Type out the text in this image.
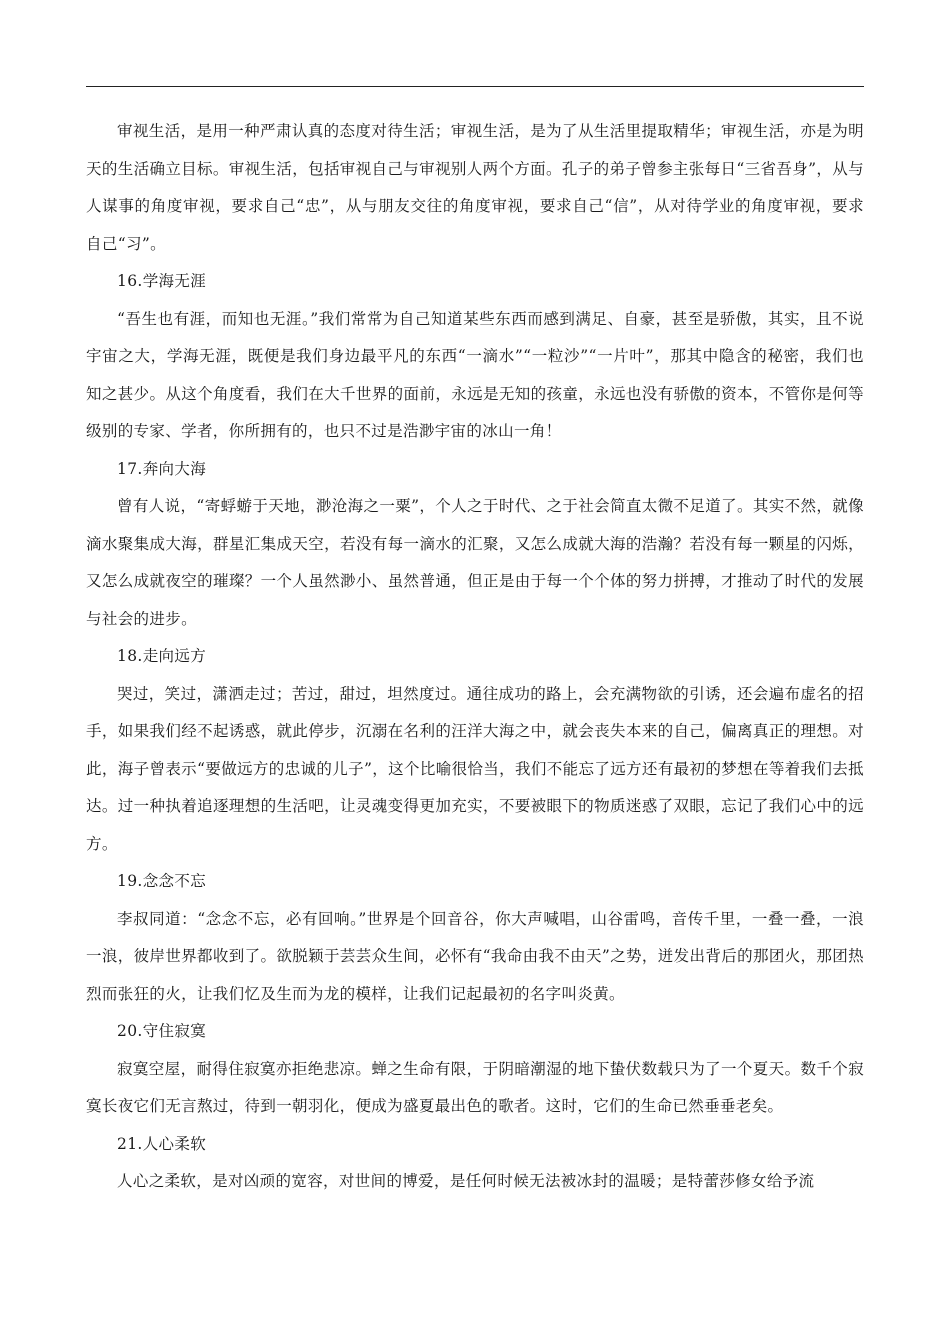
审视生活，是用一种严肃认真的态度对待生活；审视生活，是为了从生活里提取精华；审视生活，亦是为明天的生活确立目标。审视生活，包括审视自己与审视别人两个方面。孔子的弟子曾参主张每日“三省吾身”，从与人谋事的角度审视，要求自己“忠”，从与朋友交往的角度审视，要求自己“信”，从对待学业的角度审视，要求自己“习”。

16.学海无涯

“吾生也有涯，而知也无涯。”我们常常为自己知道某些东西而感到满足、自豪，甚至是骄傲，其实，且不说宇宙之大，学海无涯，既便是我们身边最平凡的东西“一滴水”“一粒沙”“一片叶”，那其中隐含的秘密，我们也知之甚少。从这个角度看，我们在大千世界的面前，永远是无知的孩童，永远也没有骄傲的资本，不管你是何等级别的专家、学者，你所拥有的，也只不过是浩渺宇宙的冰山一角！

17.奔向大海

曾有人说，“寄蜉蝣于天地，渺沧海之一粟”，个人之于时代、之于社会简直太微不足道了。其实不然，就像滴水聚集成大海，群星汇集成天空，若没有每一滴水的汇聚，又怎么成就大海的浩瀚？若没有每一颗星的闪烁，又怎么成就夜空的璀璨？一个人虽然渺小、虽然普通，但正是由于每一个个体的努力拼搏，才推动了时代的发展与社会的进步。

18.走向远方

哭过，笑过，潇洒走过；苦过，甜过，坦然度过。通往成功的路上，会充满物欲的引诱，还会遍布虚名的招手，如果我们经不起诱惑，就此停步，沉溺在名利的汪洋大海之中，就会丧失本来的自己，偏离真正的理想。对此，海子曾表示“要做远方的忠诚的儿子”，这个比喻很恰当，我们不能忘了远方还有最初的梦想在等着我们去抵达。过一种执着追逐理想的生活吧，让灵魂变得更加充实，不要被眼下的物质迷惑了双眼，忘记了我们心中的远方。

19.念念不忘

李叔同道：“念念不忘，必有回响。”世界是个回音谷，你大声喊唱，山谷雷鸣，音传千里，一叠一叠，一浪一浪，彼岸世界都收到了。欲脱颖于芸芸众生间，必怀有“我命由我不由天”之势，迸发出背后的那团火，那团热烈而张狂的火，让我们忆及生而为龙的模样，让我们记起最初的名字叫炎黄。

20.守住寂寞

寂寞空屋，耐得住寂寞亦拒绝悲凉。蝉之生命有限，于阴暗潮湿的地下蛰伏数载只为了一个夏天。数千个寂寞长夜它们无言熬过，待到一朝羽化，便成为盛夏最出色的歌者。这时，它们的生命已然垂垂老矣。

21.人心柔软

人心之柔软，是对凶顽的宽容，对世间的博爱，是任何时候无法被冰封的温暖；是特蕾莎修女给予流
